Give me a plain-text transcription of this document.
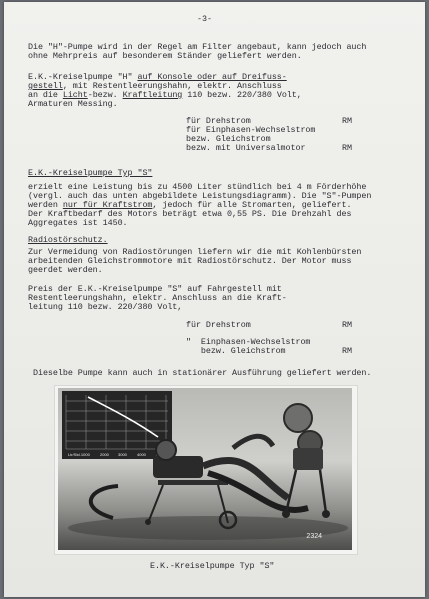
-3-
Die "H"-Pumpe wird in der Regel am Filter angebaut, kann jedoch auch
ohne Mehrpreis auf besonderem Ständer geliefert werden.
E.K.-Kreiselpumpe "H" auf Konsole oder auf Dreifuss-
gestell, mit Restentleerungshahn, elektr. Anschluss
an die Licht-bezw. Kraftleitung 110 bezw. 220/380 Volt,
Armaturen Messing.
für Drehstrom	RM
für Einphasen-Wechselstrom
bezw. Gleichstrom
bezw. mit Universalmotor	RM
E.K.-Kreiselpumpe Typ "S"
erzielt eine Leistung bis zu 4500 Liter stündlich bei 4 m Förderhöhe
(vergl. auch das unten abgebildete Leistungsdiagramm). Die "S"-Pumpen
werden nur für Kraftstrom, jedoch für alle Stromarten, geliefert.
Der Kraftbedarf des Motors beträgt etwa 0,55 PS. Die Drehzahl des
Aggregates ist 1450.
Radiostörschutz.
Zur Vermeidung von Radiostörungen liefern wir die mit Kohlenbürsten
arbeitenden Gleichstrommotore mit Radiostörschutz. Der Motor muss
geerdet werden.
Preis der E.K.-Kreiselpumpe "S" auf Fahrgestell mit
Restentleerungshahn, elektr. Anschluss an die Kraft-
leitung 110 bezw. 220/380 Volt,
für Drehstrom	RM
"  Einphasen-Wechselstrom
bezw. Gleichstrom	RM
Dieselbe Pumpe kann auch in stationärer Ausführung geliefert werden.
Ltr/Std.1000	2000 3000	4000
2324
E.K.-Kreiselpumpe Typ "S"
